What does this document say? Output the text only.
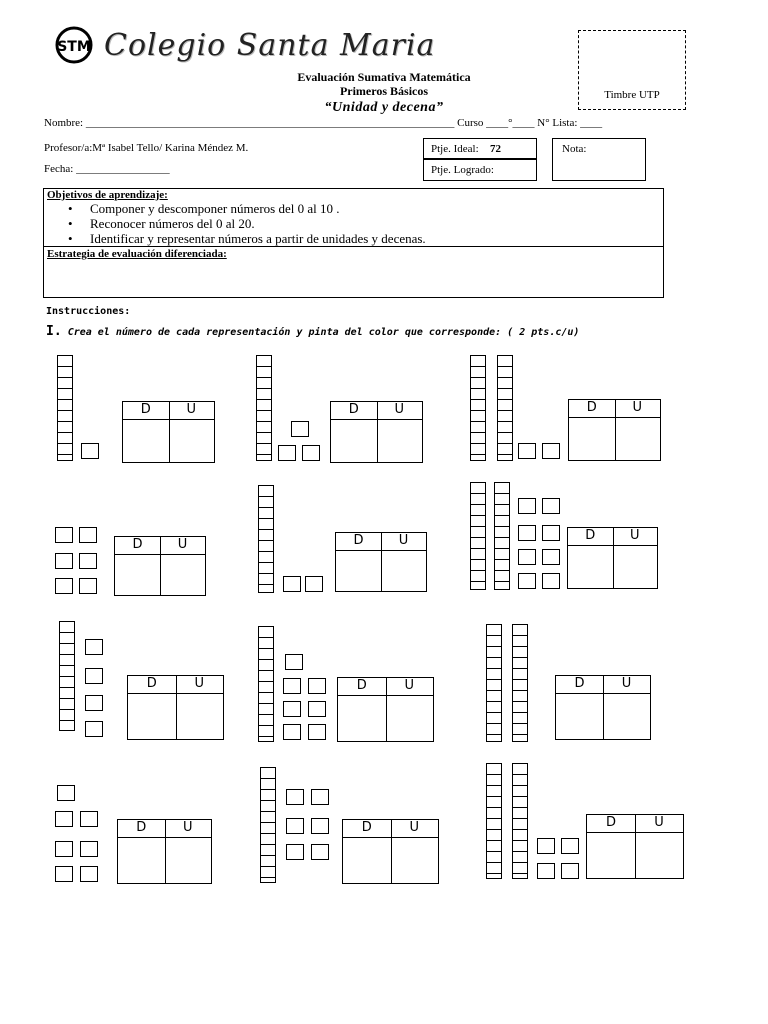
STM Colegio Santa Maria
Evaluación Sumativa Matemática
Primeros Básicos
“Unidad y decena”
Timbre UTP
Nombre: ___________________________________________________________________ Curso ____°____ N° Lista: ____
Profesor/a:Mª Isabel Tello/ Karina Méndez M.
Fecha: _________________
Ptje. Ideal: 72
Ptje. Logrado:
Nota:
Objetivos de aprendizaje:
• Componer y descomponer números del 0 al 10 .
• Reconocer números del 0 al 20.
• Identificar y representar números a partir de unidades y decenas.
Estrategia de evaluación diferenciada:
Instrucciones:
I. Crea el número de cada representación y pinta del color que corresponde: ( 2 pts.c/u)
D	U	D	U	D	U
D	U	D	U	D	U
D	U	D	U	D	U
D	U	D	U	D	U
